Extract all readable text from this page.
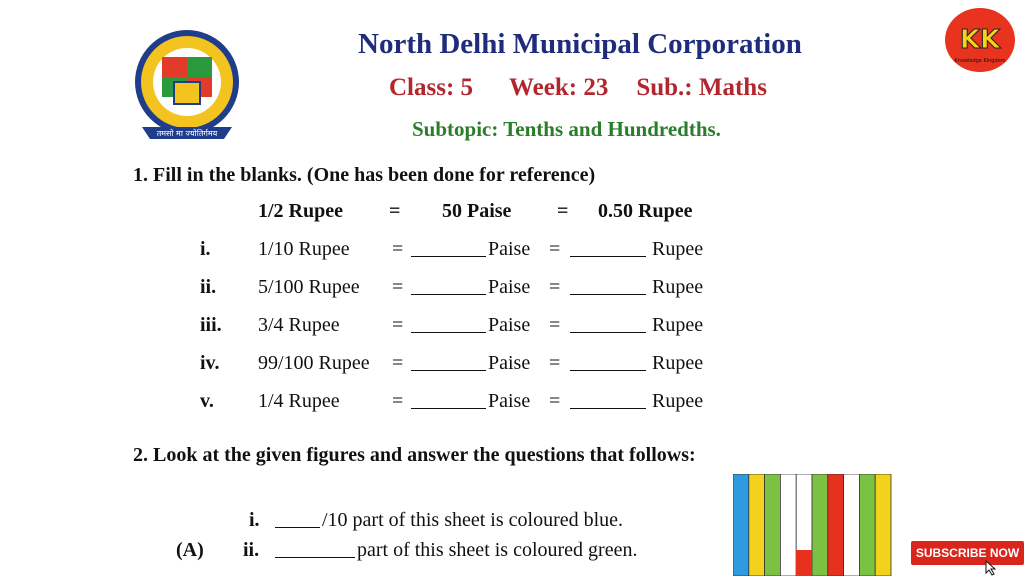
तमसो मा ज्योतिर्गमय
KK
Knowledge Kingdom
North Delhi Municipal Corporation
Class: 5 Week: 23 Sub.: Maths
Subtopic: Tenths and Hundredths.
1. Fill in the blanks. (One has been done for reference)
1/2 Rupee = 50 Paise = 0.50 Rupee
i. 1/10 Rupee =	Paise =	Rupee
ii. 5/100 Rupee =	Paise =	Rupee
iii. 3/4 Rupee	=	Paise =	Rupee
iv. 99/100 Rupee =	Paise =	Rupee
v. 1/4 Rupee	=	Paise =	Rupee
2. Look at the given figures and answer the questions that follows:
i.	/10 part of this sheet is coloured blue.
(A) ii.	part of this sheet is coloured green.	SUBSCRIBE NOW
